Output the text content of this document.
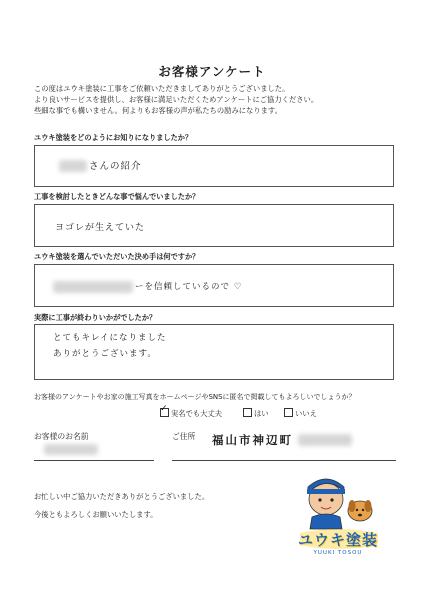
お客様アンケート
この度はユウキ塗装に工事をご依頼いただきましてありがとうございました。
より良いサービスを提供し、お客様に満足いただくためアンケートにご協力ください。
些細な事でも構いません。何よりもお客様の声が私たちの励みになります。
ユウキ塗装をどのようにお知りになりましたか？
さんの紹介
工事を検討したときどんな事で悩んでいましたか？
ヨゴレが生えていた
ユウキ塗装を選んでいただいた決め手は何ですか？
ーを信頼しているので ♡
実際に工事が終わりいかがでしたか？
とてもキレイになりました
ありがとうございます。
お客様のアンケートやお家の施工写真をホームページやSNSに匿名で掲載してもよろしいでしょうか？
✓実名でも大丈夫	はい	いいえ
お客様のお名前	ご住所 福山市神辺町
お忙しい中ご協力いただきありがとうございました。
今後ともよろしくお願いいたします。
ユウキ塗装
YUUKI TOSOU
